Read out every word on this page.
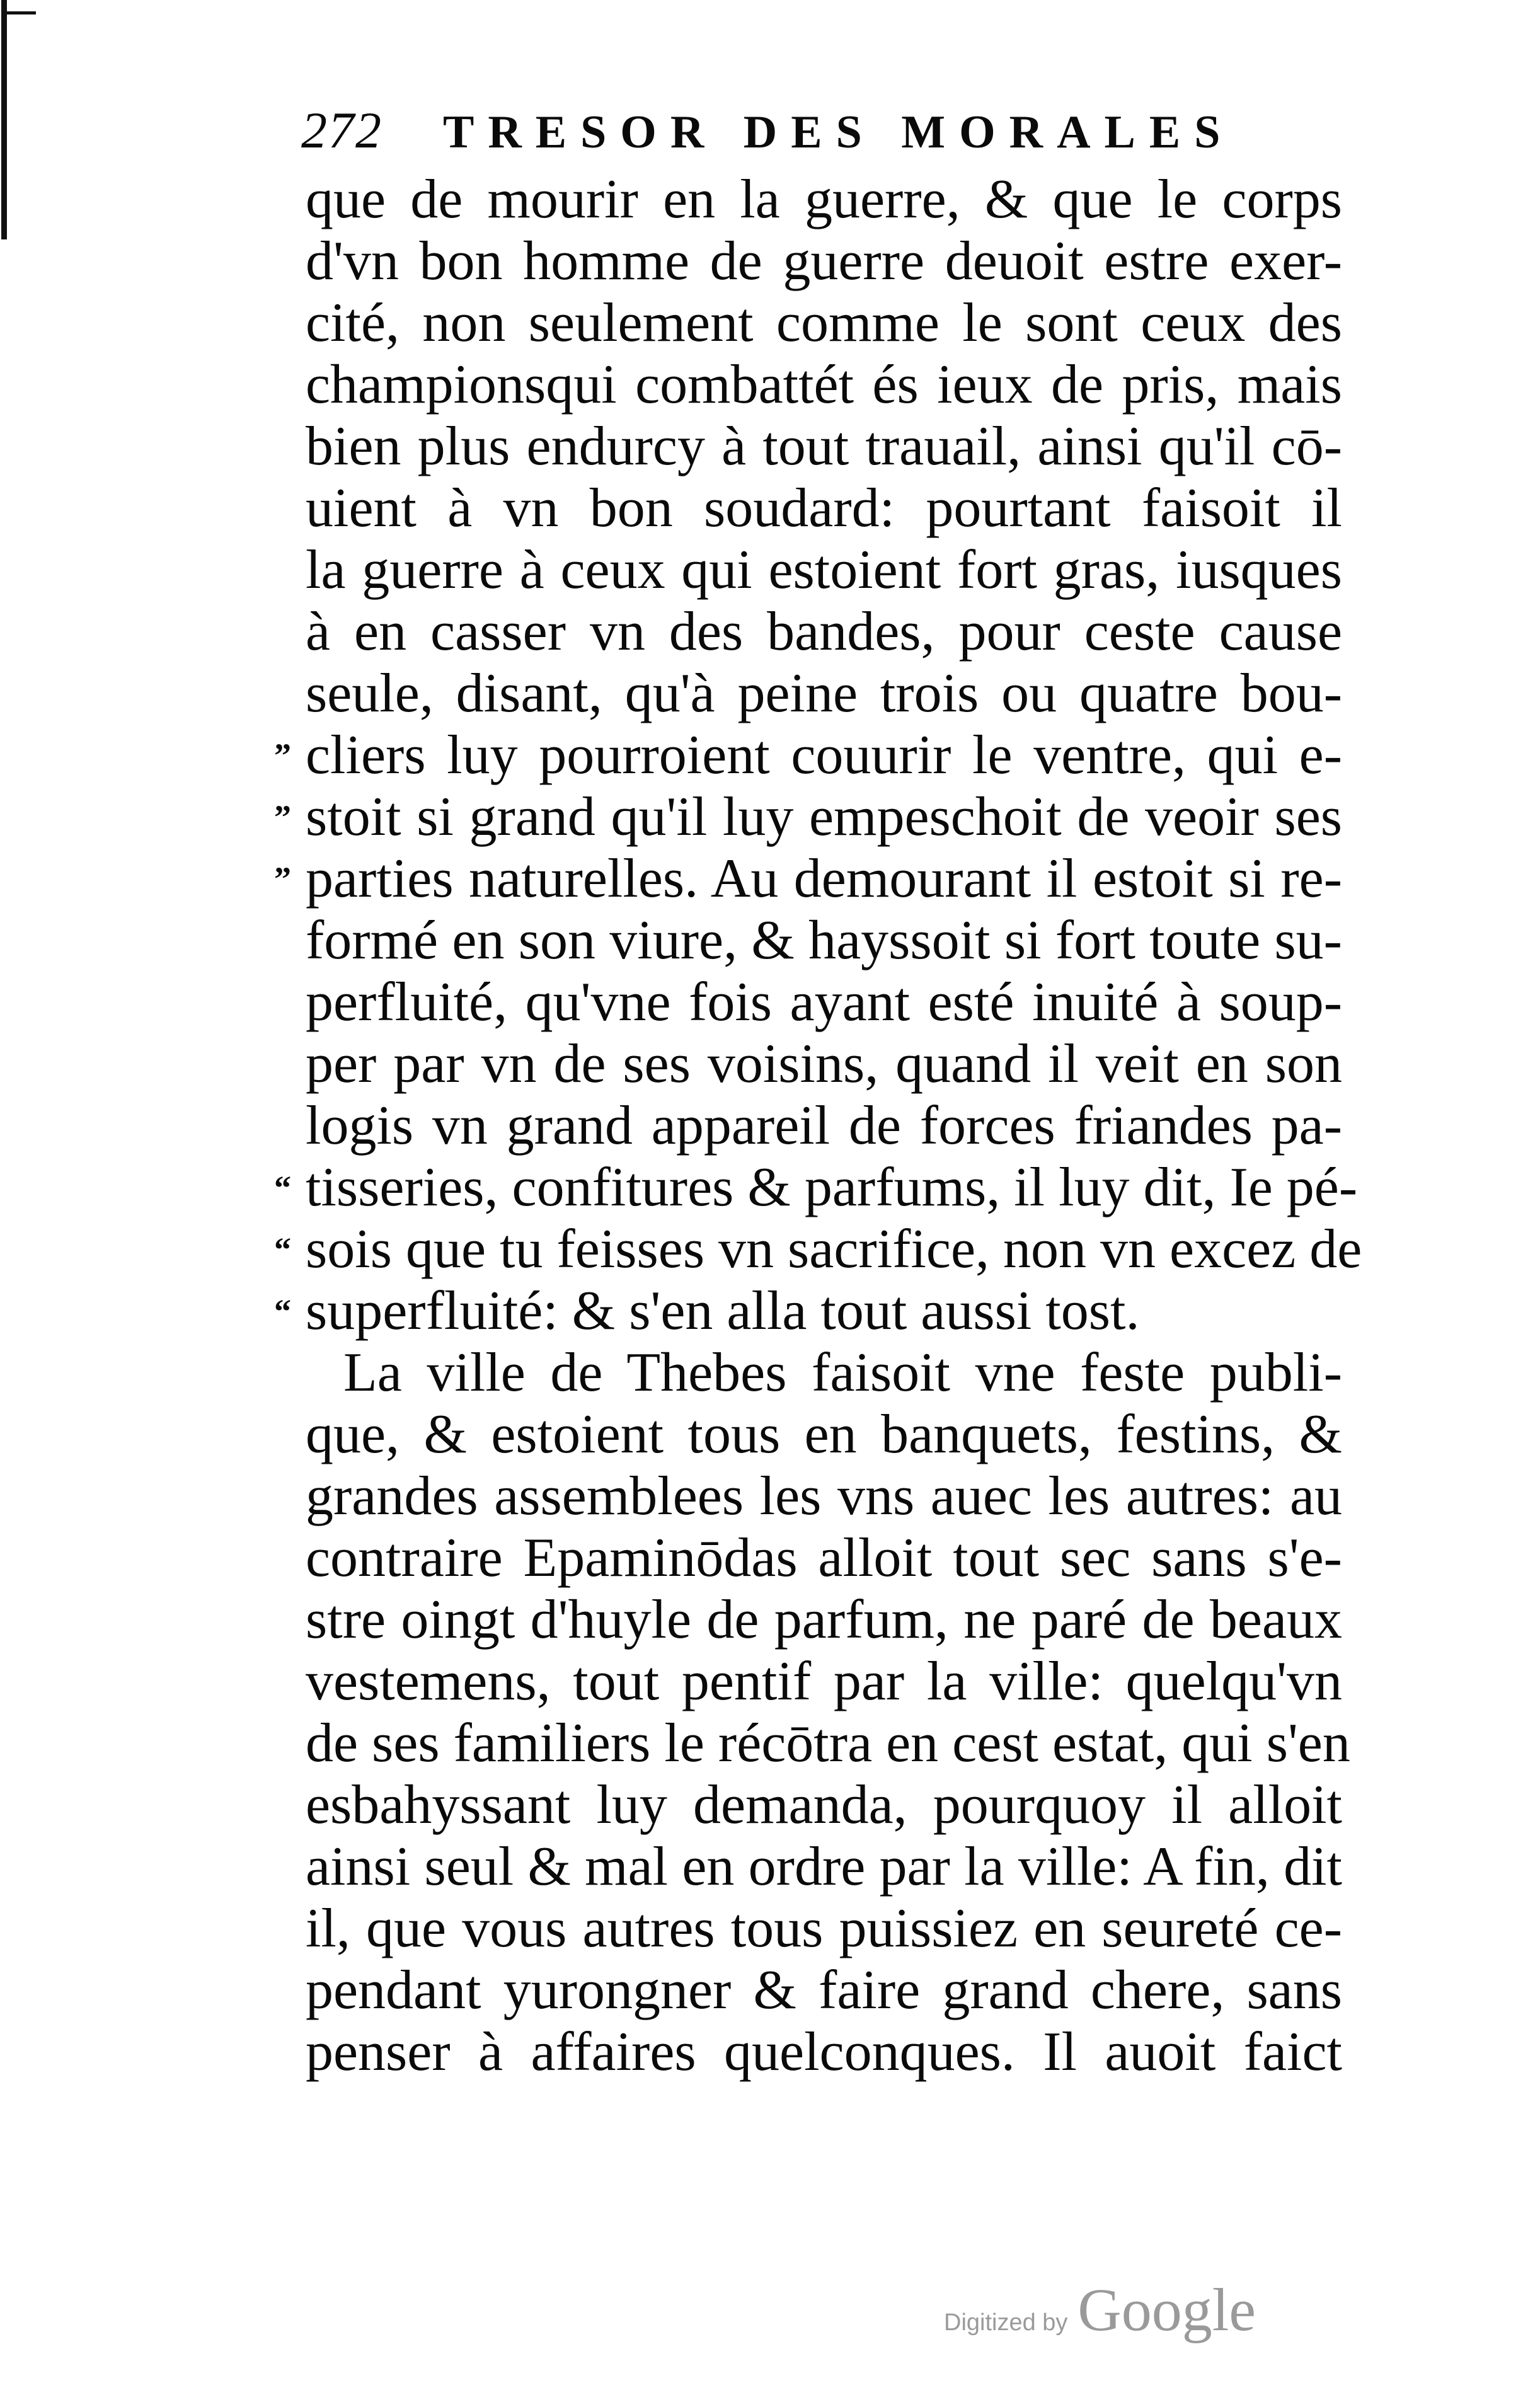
272 TRESOR DES MORALES
que de mourir en la guerre, & que le corps
d'vn bon homme de guerre deuoit estre exer-
cité, non seulement comme le sont ceux des
championsqui combattét és ieux de pris, mais
bien plus endurcy à tout trauail, ainsi qu'il cō-
uient à vn bon soudard: pourtant faisoit il
la guerre à ceux qui estoient fort gras, iusques
à en casser vn des bandes, pour ceste cause
seule, disant, qu'à peine trois ou quatre bou-
” cliers luy pourroient couurir le ventre, qui e-
” stoit si grand qu'il luy empeschoit de veoir ses
” parties naturelles. Au demourant il estoit si re-
formé en son viure, & hayssoit si fort toute su-
perfluité, qu'vne fois ayant esté inuité à soup-
per par vn de ses voisins, quand il veit en son
logis vn grand appareil de forces friandes pa-
“ tisseries, confitures & parfums, il luy dit, Ie pé-
“ sois que tu feisses vn sacrifice, non vn excez de
“ superfluité: & s'en alla tout aussi tost.
La ville de Thebes faisoit vne feste publi-
que, & estoient tous en banquets, festins, &
grandes assemblees les vns auec les autres: au
contraire Epaminōdas alloit tout sec sans s'e-
stre oingt d'huyle de parfum, ne paré de beaux
vestemens, tout pentif par la ville: quelqu'vn
de ses familiers le récōtra en cest estat, qui s'en
esbahyssant luy demanda, pourquoy il alloit
ainsi seul & mal en ordre par la ville: A fin, dit
il, que vous autres tous puissiez en seureté ce-
pendant yurongner & faire grand chere, sans
penser à affaires quelconques. Il auoit faict
Digitized by Google
